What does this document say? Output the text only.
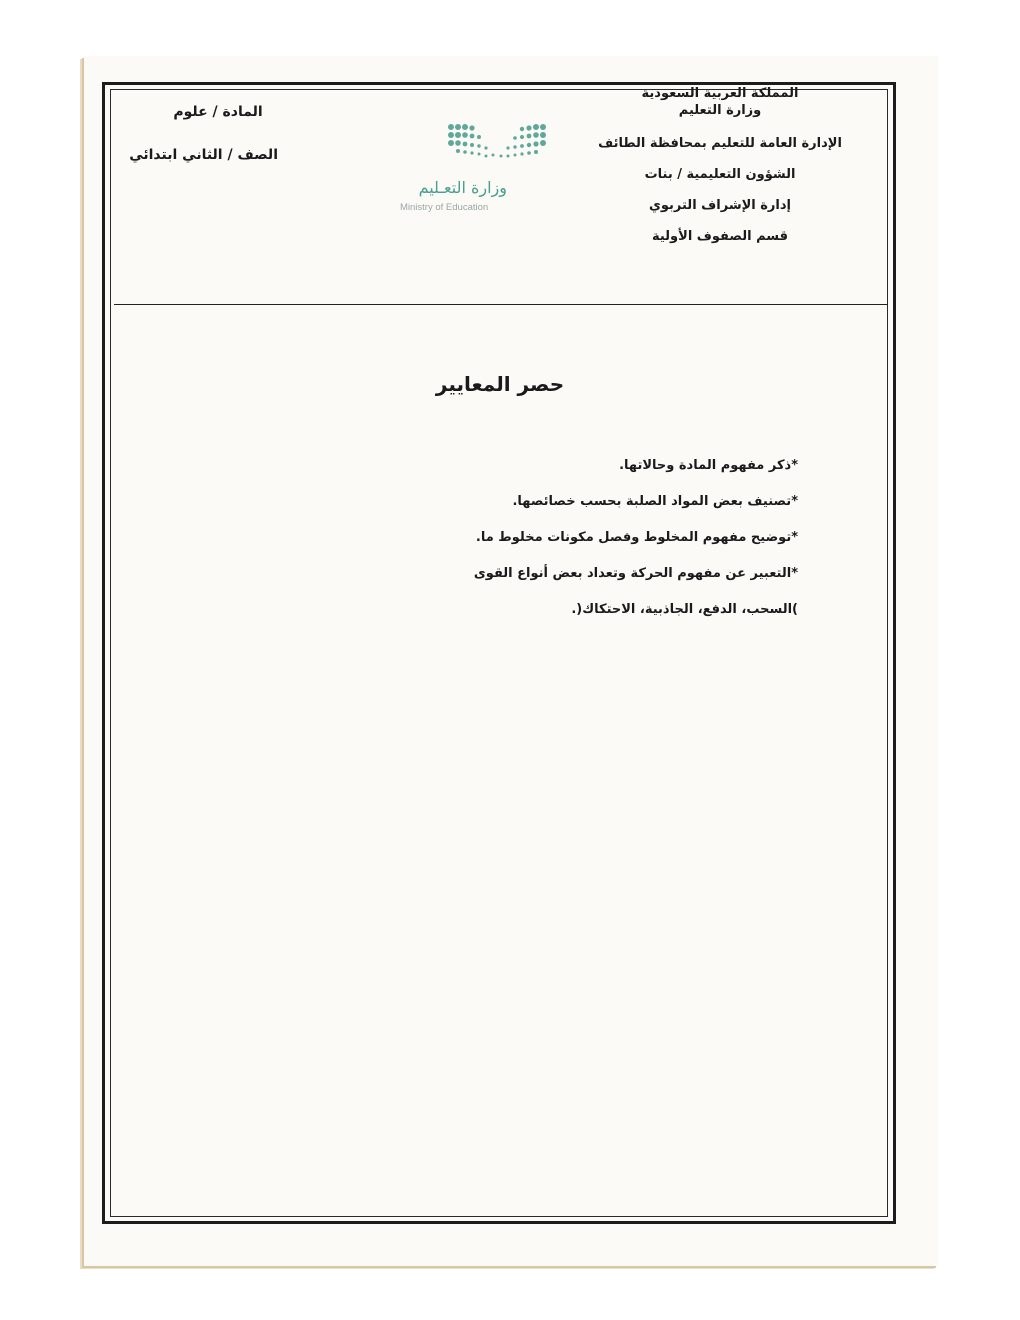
المملكة العربية السعودية
وزارة التعليم
الإدارة العامة للتعليم بمحافظة الطائف
الشؤون التعليمية / بنات
إدارة الإشراف التربوي
قسم الصفوف الأولية
وزارة التعـليم
Ministry of Education
المادة / علوم
الصف / الثاني ابتدائي
حصر المعايير
*ذكر مفهوم المادة وحالاتها.
*تصنيف بعض المواد الصلبة بحسب خصائصها.
*توضيح مفهوم المخلوط وفصل مكونات مخلوط ما.
*التعبير عن مفهوم الحركة وتعداد بعض أنواع القوى
)السحب، الدفع، الجاذبية، الاحتكاك(.
